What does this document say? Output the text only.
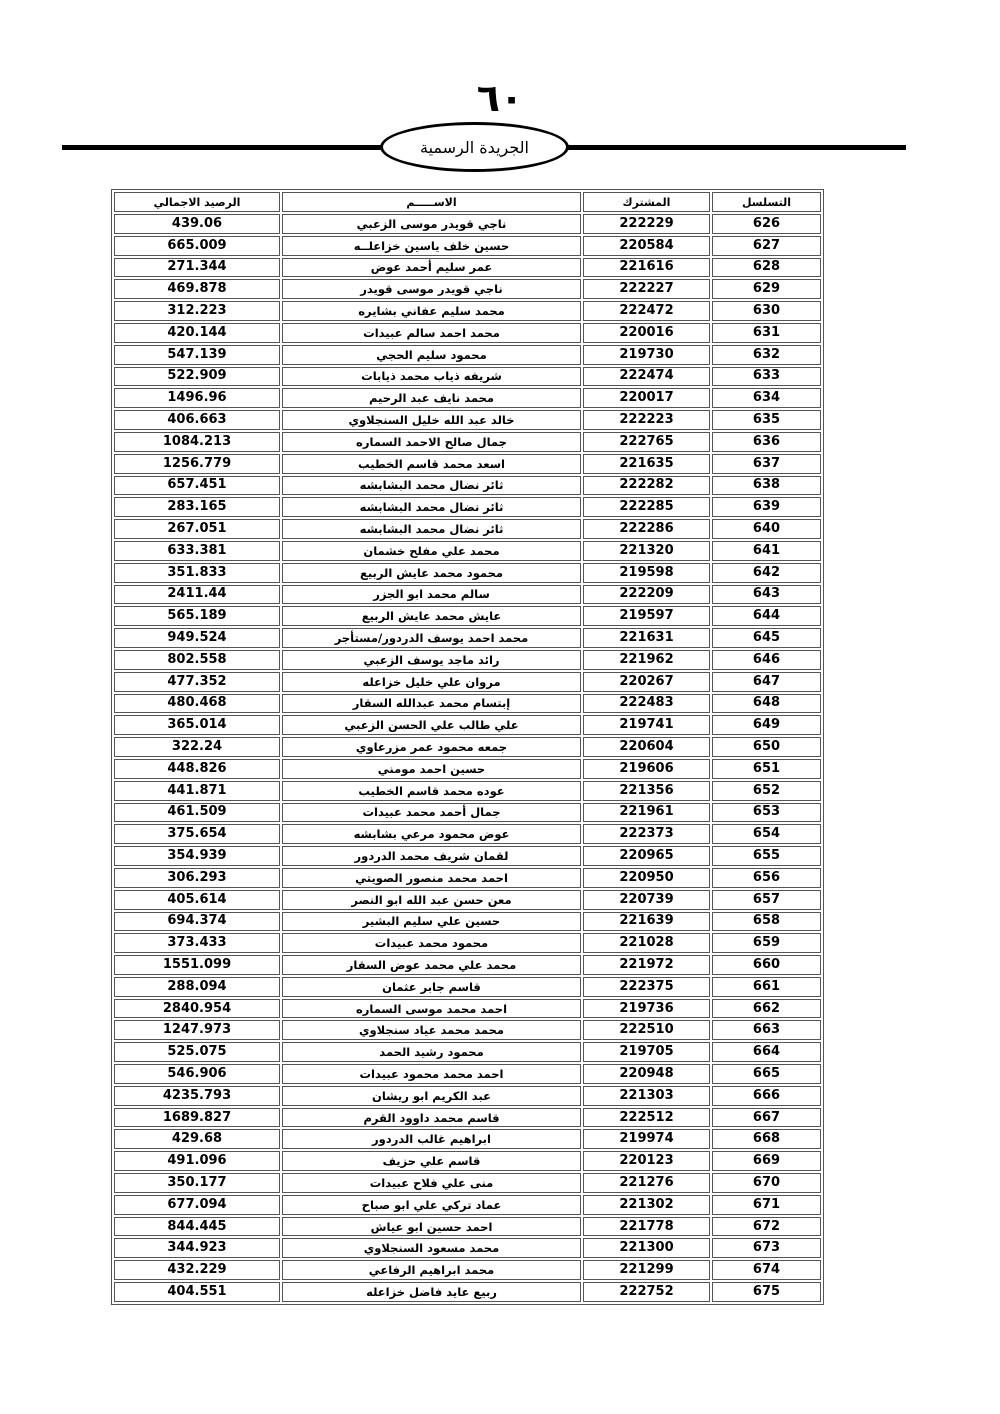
٦٠
الجريدة الرسمية
التسلسل	المشترك	الاســـــم	الرصيد الاجمالي
626	222229	ناجي قويدر موسى الزعبي	439.06
627	220584	حسين خلف ياسين خزاعلــه	665.009
628	221616	عمر سليم أحمد عوض	271.344
629	222227	ناجي قويدر موسى قويدر	469.878
630	222472	محمد سليم عفاني بشايره	312.223
631	220016	محمد احمد سالم عبيدات	420.144
632	219730	محمود سليم الحجي	547.139
633	222474	شريفه ذياب محمد ذيابات	522.909
634	220017	محمد نايف عبد الرحيم	1496.96
635	222223	خالد عبد الله خليل السنجلاوي	406.663
636	222765	جمال صالح الاحمد السماره	1084.213
637	221635	اسعد محمد قاسم الخطيب	1256.779
638	222282	ثائر نضال محمد البشابشه	657.451
639	222285	ثائر نضال محمد البشابشه	283.165
640	222286	ثائر نضال محمد البشابشه	267.051
641	221320	محمد علي مفلح خشمان	633.381
642	219598	محمود محمد عايش الربيع	351.833
643	222209	سالم محمد ابو الجزر	2411.44
644	219597	عايش محمد عايش الربيع	565.189
645	221631	محمد احمد يوسف الدردور/مستأجر	949.524
646	221962	رائد ماجد يوسف الزعبي	802.558
647	220267	مروان علي خليل خزاعله	477.352
648	222483	إبتسام محمد عبدالله السقار	480.468
649	219741	علي طالب علي الحسن الزعبي	365.014
650	220604	جمعه محمود عمر مزرعاوي	322.24
651	219606	حسين احمد مومني	448.826
652	221356	عوده محمد قاسم الخطيب	441.871
653	221961	جمال أحمد محمد عبيدات	461.509
654	222373	عوض محمود مرعي بشابشه	375.654
655	220965	لقمان شريف محمد الدردور	354.939
656	220950	احمد محمد منصور الصويتي	306.293
657	220739	معن حسن عبد الله ابو النصر	405.614
658	221639	حسين علي سليم البشير	694.374
659	221028	محمود محمد عبيدات	373.433
660	221972	محمد علي محمد عوض السقار	1551.099
661	222375	قاسم جابر عثمان	288.094
662	219736	احمد محمد موسى السماره	2840.954
663	222510	محمد محمد عياد سنجلاوي	1247.973
664	219705	محمود رشيد الحمد	525.075
665	220948	احمد محمد محمود عبيدات	546.906
666	221303	عبد الكريم ابو ريشان	4235.793
667	222512	قاسم محمد داوود القرم	1689.827
668	219974	ابراهيم غالب الدردور	429.68
669	220123	قاسم علي حزيف	491.096
670	221276	منى علي فلاح عبيدات	350.177
671	221302	عماد تركي علي ابو صباح	677.094
672	221778	احمد حسين ابو عياش	844.445
673	221300	محمد مسعود السنجلاوي	344.923
674	221299	محمد ابراهيم الرفاعي	432.229
675	222752	ربيع عايد فاضل خزاعله	404.551
